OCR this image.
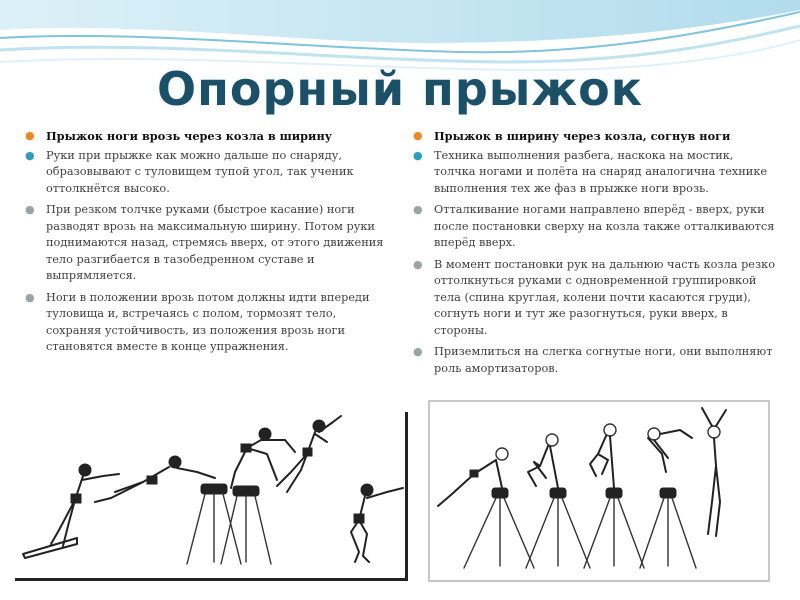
Опорный прыжок
● Прыжок ноги врозь через козла в ширину
● Руки при прыжке как можно дальше по снаряду, образовывают с туловищем тупой угол, так ученик оттолкнётся высоко.
● При резком толчке руками (быстрое касание) ноги разводят врозь на максимальную ширину. Потом руки поднимаются назад, стремясь вверх, от этого движения тело разгибается в тазобедренном суставе и выпрямляется.
● Ноги в положении врозь потом должны идти впереди туловища и, встречаясь с полом, тормозят тело, сохраняя устойчивость, из положения врозь ноги становятся вместе в конце упражнения.
● Прыжок в ширину через козла, согнув ноги
● Техника выполнения разбега, наскока на мостик, толчка ногами и полёта на снаряд аналогична технике выполнения тех же фаз в прыжке ноги врозь.
● Отталкивание ногами направлено вперёд - вверх, руки после постановки сверху на козла также отталкиваются вперёд вверх.
● В момент постановки рук на дальнюю часть козла резко оттолкнуться руками с одновременной группировкой тела (спина круглая, колени почти касаются груди), согнуть ноги и тут же разогнуться, руки вверх, в стороны.
● Приземлиться на слегка согнутые ноги, они выполняют роль амортизаторов.
